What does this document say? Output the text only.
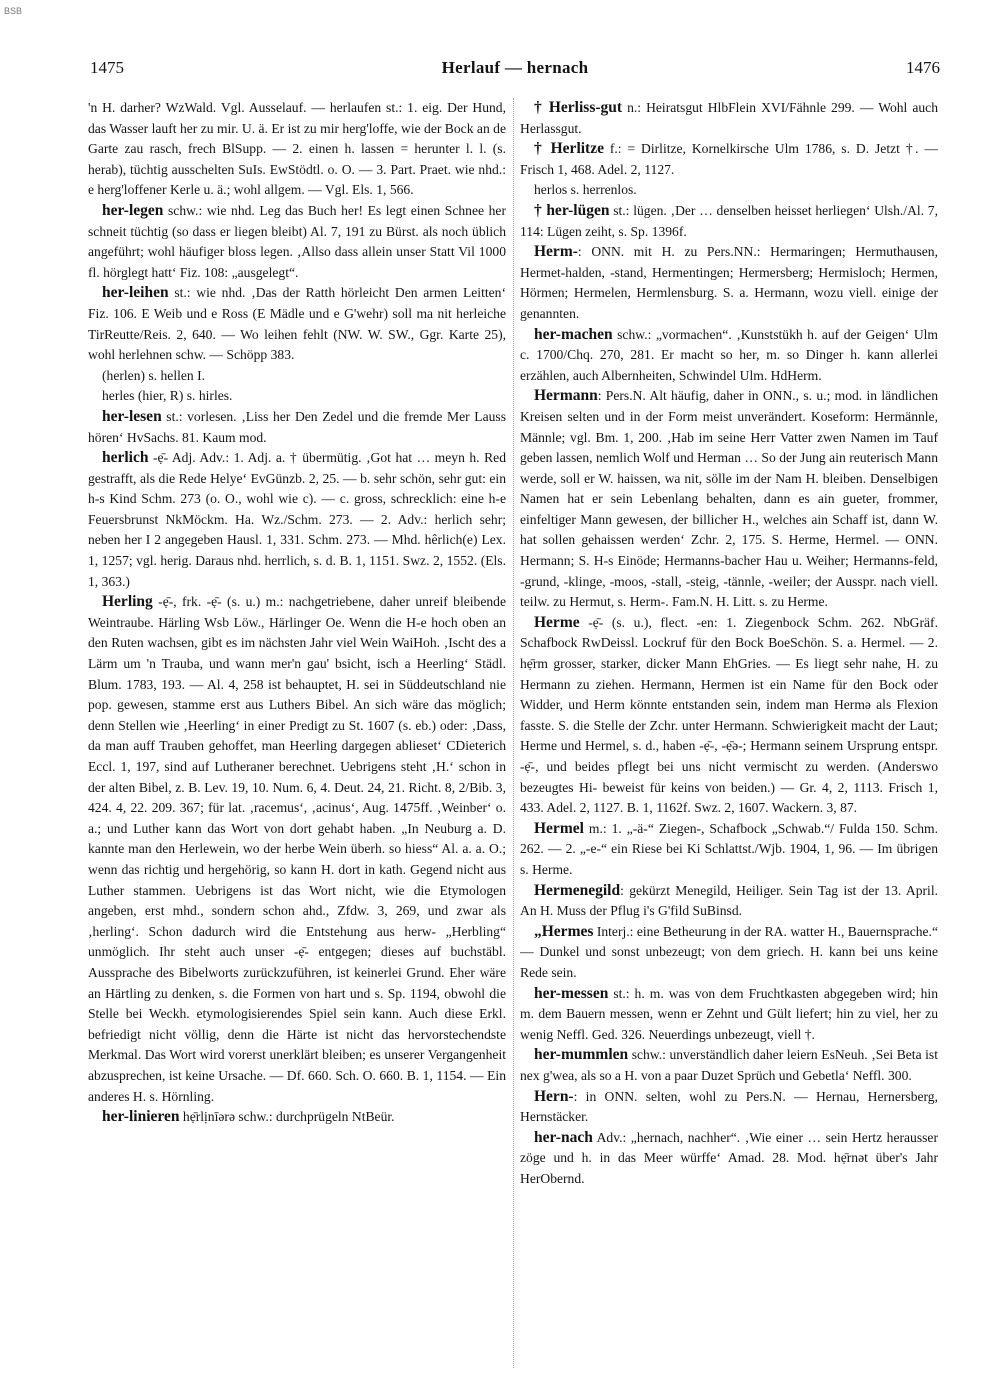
BSB
1475	Herlauf — hernach	1476

'n H. darher? WzWald. Vgl. Ausselauf. — herlaufen st.: 1. eig. Der Hund, das Wasser lauft her zu mir. U. ä. Er ist zu mir herg'loffe, wie der Bock an de Garte zau rasch, frech BlSupp. — 2. einen h. lassen = herunter l. l. (s. herab), tüchtig ausschelten SuIs. EwStödtl. o. O. — 3. Part. Praet. wie nhd.: e herg'loffener Kerle u. ä.; wohl allgem. — Vgl. Els. 1, 566.

her-legen schw.: wie nhd. Leg das Buch her! Es legt einen Schnee her schneit tüchtig (so dass er liegen bleibt) Al. 7, 191 zu Bürst. als noch üblich angeführt; wohl häufiger bloss legen. ‚Allso dass allein unser Statt Vil 1000 fl. hörglegt hatt‘ Fiz. 108: „ausgelegt“.

her-leihen st.: wie nhd. ‚Das der Ratth hörleicht Den armen Leitten‘ Fiz. 106. E Weib und e Ross (E Mädle und e G'wehr) soll ma nit herleiche TirReutte/Reis. 2, 640. — Wo leihen fehlt (NW. W. SW., Ggr. Karte 25), wohl herlehnen schw. — Schöpp 383.

(herlen) s. hellen I.

herles (hier, R) s. hirles.

her-lesen st.: vorlesen. ‚Liss her Den Zedel und die fremde Mer Lauss hören‘ HvSachs. 81. Kaum mod.

herlich -ẹ̄- Adj. Adv.: 1. Adj. a. † übermütig. ‚Got hat … meyn h. Red gestrafft, als die Rede Helye‘ EvGünzb. 2, 25. — b. sehr schön, sehr gut: ein h-s Kind Schm. 273 (o. O., wohl wie c). — c. gross, schrecklich: eine h-e Feuersbrunst NkMöckm. Ha. Wz./Schm. 273. — 2. Adv.: herlich sehr; neben her I 2 angegeben Hausl. 1, 331. Schm. 273. — Mhd. hêrlich(e) Lex. 1, 1257; vgl. herig. Daraus nhd. herrlich, s. d. B. 1, 1151. Swz. 2, 1552. (Els. 1, 363.)

Herling -ẹ̄-, frk. -ẹ̄- (s. u.) m.: nachgetriebene, daher unreif bleibende Weintraube. Härling Wsb Löw., Härlinger Oe. Wenn die H-e hoch oben an den Ruten wachsen, gibt es im nächsten Jahr viel Wein WaiHoh. ‚Ischt des a Lärm um 'n Trauba, und wann mer'n gau' bsicht, isch a Heerling‘ Städl. Blum. 1783, 193. — Al. 4, 258 ist behauptet, H. sei in Süddeutschland nie pop. gewesen, stamme erst aus Luthers Bibel. An sich wäre das möglich; denn Stellen wie ‚Heerling‘ in einer Predigt zu St. 1607 (s. eb.) oder: ‚Dass, da man auff Trauben gehoffet, man Heerling dargegen ablieset‘ CDieterich Eccl. 1, 197, sind auf Lutheraner berechnet. Uebrigens steht ‚H.‘ schon in der alten Bibel, z. B. Lev. 19, 10. Num. 6, 4. Deut. 24, 21. Richt. 8, 2/Bib. 3, 424. 4, 22. 209. 367; für lat. ‚racemus‘, ‚acinus‘, Aug. 1475ff. ‚Weinber‘ o. a.; und Luther kann das Wort von dort gehabt haben. „In Neuburg a. D. kannte man den Herlewein, wo der herbe Wein überh. so hiess“ Al. a. a. O.; wenn das richtig und hergehörig, so kann H. dort in kath. Gegend nicht aus Luther stammen. Uebrigens ist das Wort nicht, wie die Etymologen angeben, erst mhd., sondern schon ahd., Zfdw. 3, 269, und zwar als ‚herling‘. Schon dadurch wird die Entstehung aus herw- „Herbling“ unmöglich. Ihr steht auch unser -ẹ̄- entgegen; dieses auf buchstäbl. Aussprache des Bibelworts zurückzuführen, ist keinerlei Grund. Eher wäre an Härtling zu denken, s. die Formen von hart und s. Sp. 1194, obwohl die Stelle bei Weckh. etymologisierendes Spiel sein kann. Auch diese Erkl. befriedigt nicht völlig, denn die Härte ist nicht das hervorstechendste Merkmal. Das Wort wird vorerst unerklärt bleiben; es unserer Vergangenheit abzusprechen, ist keine Ursache. — Df. 660. Sch. O. 660. B. 1, 1154. — Ein anderes H. s. Hörnling.

her-linieren hẹ̄rlịnīərə schw.: durchprügeln NtBeür.

† Herliss-gut n.: Heiratsgut HlbFlein XVI/Fähnle 299. — Wohl auch Herlassgut.

† Herlitze f.: = Dirlitze, Kornelkirsche Ulm 1786, s. D. Jetzt †. — Frisch 1, 468. Adel. 2, 1127.

herlos s. herrenlos.

† her-lügen st.: lügen. ‚Der … denselben heisset herliegen‘ Ulsh./Al. 7, 114: Lügen zeiht, s. Sp. 1396f.

Herm-: ONN. mit H. zu Pers.NN.: Hermaringen; Hermuthausen, Hermet-halden, -stand, Hermentingen; Hermersberg; Hermisloch; Hermen, Hörmen; Hermelen, Hermlensburg. S. a. Hermann, wozu viell. einige der genannten.

her-machen schw.: „vormachen“. ‚Kunststükh h. auf der Geigen‘ Ulm c. 1700/Chq. 270, 281. Er macht so her, m. so Dinger h. kann allerlei erzählen, auch Albernheiten, Schwindel Ulm. HdHerm.

Hermann: Pers.N. Alt häufig, daher in ONN., s. u.; mod. in ländlichen Kreisen selten und in der Form meist unverändert. Koseform: Hermännle, Männle; vgl. Bm. 1, 200. ‚Hab im seine Herr Vatter zwen Namen im Tauf geben lassen, nemlich Wolf und Herman … So der Jung ain reuterisch Mann werde, soll er W. haissen, wa nit, sölle im der Nam H. bleiben. Denselbigen Namen hat er sein Lebenlang behalten, dann es ain gueter, frommer, einfeltiger Mann gewesen, der billicher H., welches ain Schaff ist, dann W. hat sollen gehaissen werden‘ Zchr. 2, 175. S. Herme, Hermel. — ONN. Hermann; S. H-s Einöde; Hermanns-bacher Hau u. Weiher; Hermanns-feld, -grund, -klinge, -moos, -stall, -steig, -tännle, -weiler; der Ausspr. nach viell. teilw. zu Hermut, s. Herm-. Fam.N. H. Litt. s. zu Herme.

Herme -ẹ̄- (s. u.), flect. -en: 1. Ziegenbock Schm. 262. NbGräf. Schafbock RwDeissl. Lockruf für den Bock BoeSchön. S. a. Hermel. — 2. hẹ̄rm grosser, starker, dicker Mann EhGries. — Es liegt sehr nahe, H. zu Hermann zu ziehen. Hermann, Hermen ist ein Name für den Bock oder Widder, und Herm könnte entstanden sein, indem man Hermə als Flexion fasste. S. die Stelle der Zchr. unter Hermann. Schwierigkeit macht der Laut; Herme und Hermel, s. d., haben -ẹ̄-, -ẹ̄ə-; Hermann seinem Ursprung entspr. -ẹ̄-, und beides pflegt bei uns nicht vermischt zu werden. (Anderswo bezeugtes Hi- beweist für keins von beiden.) — Gr. 4, 2, 1113. Frisch 1, 433. Adel. 2, 1127. B. 1, 1162f. Swz. 2, 1607. Wackern. 3, 87.

Hermel m.: 1. „-ä-“ Ziegen-, Schafbock „Schwab.“/ Fulda 150. Schm. 262. — 2. „-e-“ ein Riese bei Ki Schlattst./Wjb. 1904, 1, 96. — Im übrigen s. Herme.

Hermenegild: gekürzt Menegild, Heiliger. Sein Tag ist der 13. April. An H. Muss der Pflug i's G'fild SuBinsd.

„Hermes Interj.: eine Betheurung in der RA. watter H., Bauernsprache.“ — Dunkel und sonst unbezeugt; von dem griech. H. kann bei uns keine Rede sein.

her-messen st.: h. m. was von dem Fruchtkasten abgegeben wird; hin m. dem Bauern messen, wenn er Zehnt und Gült liefert; hin zu viel, her zu wenig Neffl. Ged. 326. Neuerdings unbezeugt, viell †.

her-mummlen schw.: unverständlich daher leiern EsNeuh. ‚Sei Beta ist nex g'wea, als so a H. von a paar Duzet Sprüch und Gebetla‘ Neffl. 300.

Hern-: in ONN. selten, wohl zu Pers.N. — Hernau, Hernersberg, Hernstäcker.

her-nach Adv.: „hernach, nachher“. ‚Wie einer … sein Hertz herausser zöge und h. in das Meer würffe‘ Amad. 28. Mod. hẹ̄rnət über's Jahr HerObernd.
